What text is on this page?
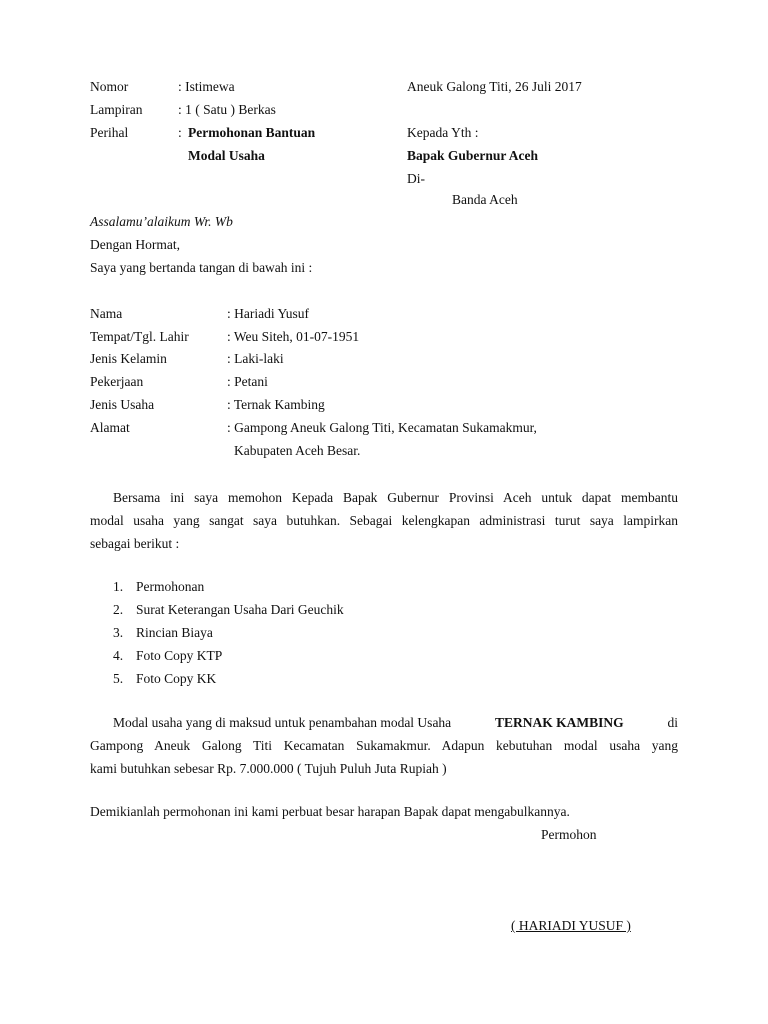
Nomor	: Istimewa
Lampiran	: 1 ( Satu ) Berkas
Perihal	: Permohonan Bantuan
Modal Usaha
Aneuk Galong Titi, 26 Juli 2017
Kepada Yth :
Bapak Gubernur Aceh
Di-
Banda Aceh
Assalamu’alaikum Wr. Wb
Dengan Hormat,
Saya yang bertanda tangan di bawah ini :
Nama	: Hariadi Yusuf
Tempat/Tgl. Lahir	: Weu Siteh, 01-07-1951
Jenis Kelamin	: Laki-laki
Pekerjaan	: Petani
Jenis Usaha	: Ternak Kambing
Alamat	: Gampong Aneuk Galong Titi, Kecamatan Sukamakmur,
Kabupaten Aceh Besar.
Bersama ini saya memohon Kepada Bapak Gubernur Provinsi Aceh untuk dapat membantu
modal usaha yang sangat saya butuhkan. Sebagai kelengkapan administrasi turut saya lampirkan
sebagai berikut :
1. Permohonan
2. Surat Keterangan Usaha Dari Geuchik
3. Rincian Biaya
4. Foto Copy KTP
5. Foto Copy KK
Modal usaha yang di maksud untuk penambahan modal Usaha	TERNAK KAMBING	di
Gampong Aneuk Galong Titi Kecamatan Sukamakmur. Adapun kebutuhan modal usaha yang
kami butuhkan sebesar Rp. 7.000.000 ( Tujuh Puluh Juta Rupiah )
Demikianlah permohonan ini kami perbuat besar harapan Bapak dapat mengabulkannya.
Permohon
( HARIADI YUSUF )
